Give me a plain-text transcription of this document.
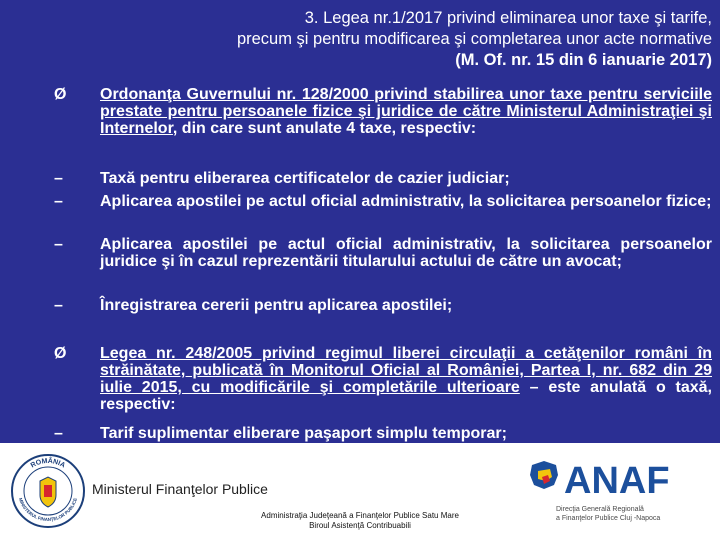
3. Legea nr.1/2017 privind eliminarea unor taxe şi tarife,
precum şi pentru modificarea şi completarea unor acte normative
(M. Of. nr. 15 din 6 ianuarie 2017)
Ø Ordonanţa Guvernului nr. 128/2000 privind stabilirea unor taxe pentru serviciile prestate pentru persoanele fizice şi juridice de către Ministerul Administraţiei şi Internelor, din care sunt anulate 4 taxe, respectiv:
– Taxă pentru eliberarea certificatelor de cazier judiciar;
– Aplicarea apostilei pe actul oficial administrativ, la solicitarea persoanelor fizice;
– Aplicarea apostilei pe actul oficial administrativ, la solicitarea persoanelor juridice şi în cazul reprezentării titularului actului de către un avocat;
– Înregistrarea cererii pentru aplicarea apostilei;
Ø Legea nr. 248/2005 privind regimul liberei circulaţii a cetăţenilor români în străinătate, publicată în Monitorul Oficial al României, Partea I, nr. 682 din 29 iulie 2015, cu modificările şi completările ulterioare – este anulată o taxă, respectiv:
– Tarif suplimentar eliberare paşaport simplu temporar;
ROMÂNIA
MINISTERUL FINANŢELOR PUBLICE
Ministerul Finanţelor Publice	ANAF
Direcţia Generală Regională
a Finanţelor Publice Cluj -Napoca
Administraţia Judeţeană a Finanţelor Publice Satu Mare
Biroul Asistenţă Contribuabili
